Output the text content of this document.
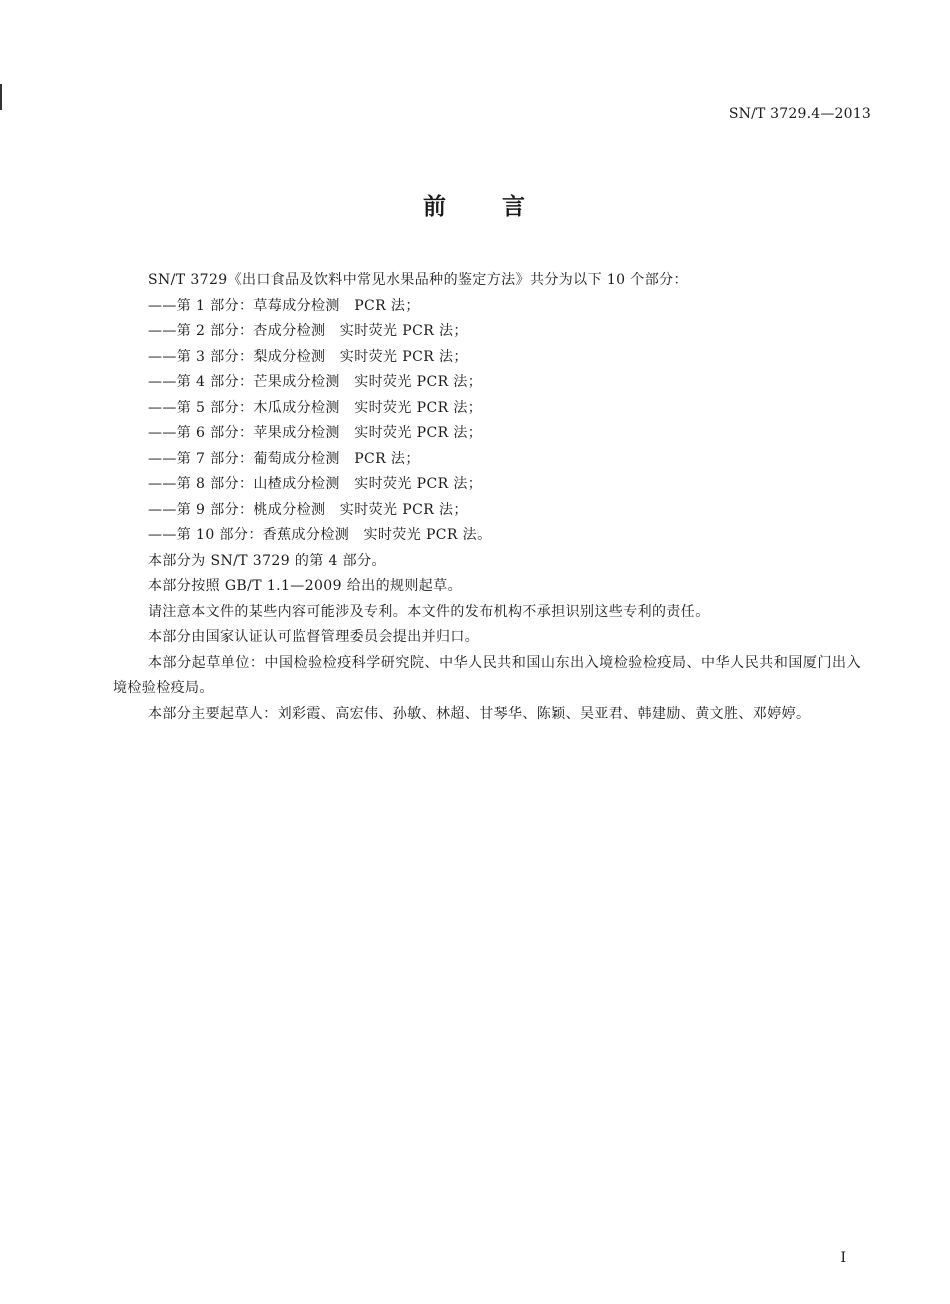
SN/T 3729.4—2013
前 言

SN/T 3729《出口食品及饮料中常见水果品种的鉴定方法》共分为以下 10 个部分：

——第 1 部分：草莓成分检测　PCR 法；

——第 2 部分：杏成分检测　实时荧光 PCR 法；

——第 3 部分：梨成分检测　实时荧光 PCR 法；

——第 4 部分：芒果成分检测　实时荧光 PCR 法；

——第 5 部分：木瓜成分检测　实时荧光 PCR 法；

——第 6 部分：苹果成分检测　实时荧光 PCR 法；

——第 7 部分：葡萄成分检测　PCR 法；

——第 8 部分：山楂成分检测　实时荧光 PCR 法；

——第 9 部分：桃成分检测　实时荧光 PCR 法；

——第 10 部分：香蕉成分检测　实时荧光 PCR 法。

本部分为 SN/T 3729 的第 4 部分。

本部分按照 GB/T 1.1—2009 给出的规则起草。

请注意本文件的某些内容可能涉及专利。本文件的发布机构不承担识别这些专利的责任。

本部分由国家认证认可监督管理委员会提出并归口。

本部分起草单位：中国检验检疫科学研究院、中华人民共和国山东出入境检验检疫局、中华人民共和国厦门出入境检验检疫局。

本部分主要起草人：刘彩霞、高宏伟、孙敏、林超、甘琴华、陈颖、吴亚君、韩建励、黄文胜、邓婷婷。

I
